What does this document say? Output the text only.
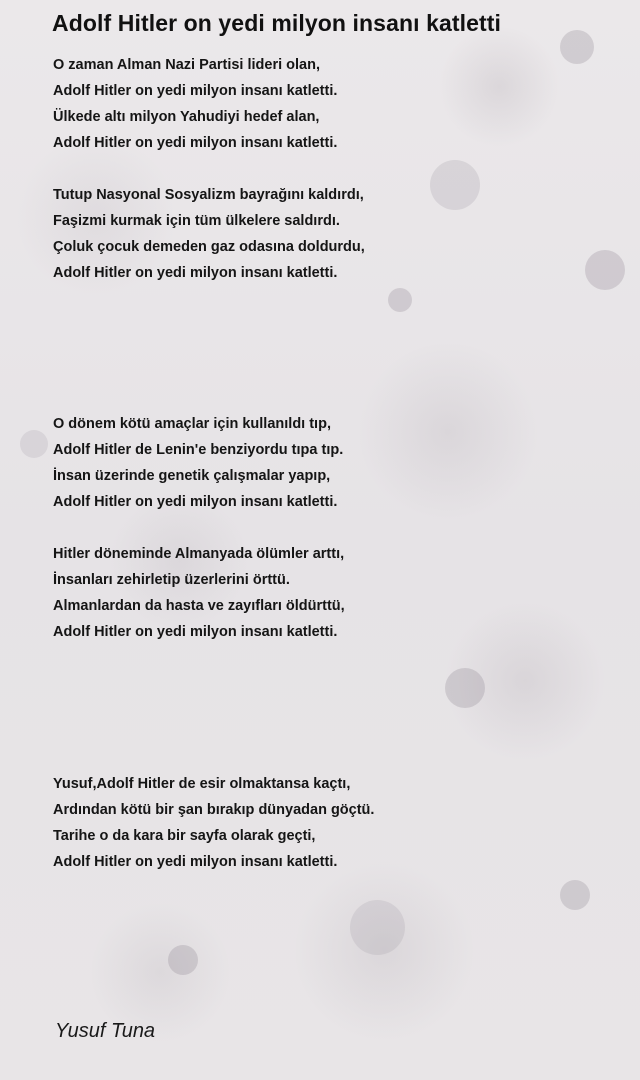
Adolf Hitler on yedi milyon insanı katletti
O zaman Alman Nazi Partisi lideri olan,
Adolf Hitler on yedi milyon insanı katletti.
Ülkede altı milyon Yahudiyi hedef alan,
Adolf Hitler on yedi milyon insanı katletti.
Tutup Nasyonal Sosyalizm bayrağını kaldırdı,
Faşizmi kurmak için tüm ülkelere saldırdı.
Çoluk çocuk demeden gaz odasına doldurdu,
Adolf Hitler on yedi milyon insanı katletti.
O dönem kötü amaçlar için kullanıldı tıp,
Adolf Hitler de Lenin'e benziyordu tıpa tıp.
İnsan üzerinde genetik çalışmalar yapıp,
Adolf Hitler on yedi milyon insanı katletti.
Hitler döneminde Almanyada ölümler arttı,
İnsanları zehirletip üzerlerini örttü.
Almanlardan da hasta ve zayıfları öldürttü,
Adolf Hitler on yedi milyon insanı katletti.
Yusuf,Adolf Hitler de esir olmaktansa kaçtı,
Ardından kötü bir şan bırakıp dünyadan göçtü.
Tarihe o da kara bir sayfa olarak geçti,
Adolf Hitler on yedi milyon insanı katletti.
Yusuf Tuna
